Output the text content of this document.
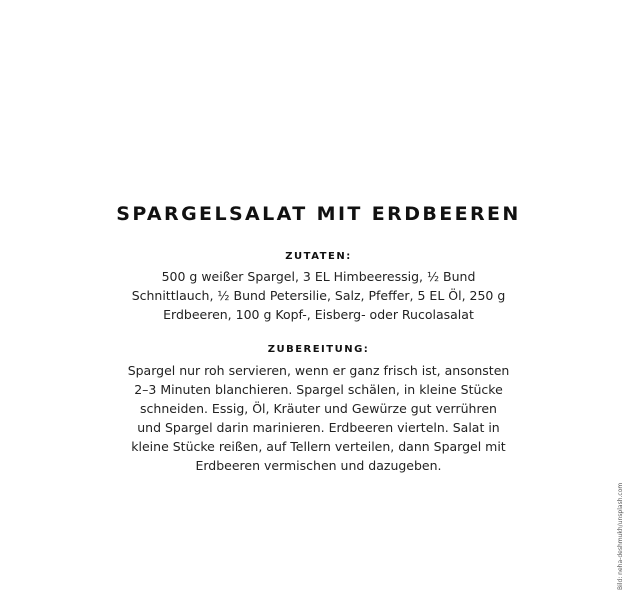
SPARGELSALAT MIT ERDBEEREN
ZUTATEN:

500 g weißer Spargel, 3 EL Himbeeressig, ½ Bund
Schnittlauch, ½ Bund Petersilie, Salz, Pfeffer, 5 EL Öl, 250 g
Erdbeeren, 100 g Kopf-, Eisberg- oder Rucolasalat

ZUBEREITUNG:

Spargel nur roh servieren, wenn er ganz frisch ist, ansonsten
2–3 Minuten blanchieren. Spargel schälen, in kleine Stücke
schneiden. Essig, Öl, Kräuter und Gewürze gut verrühren
und Spargel darin marinieren. Erdbeeren vierteln. Salat in
kleine Stücke reißen, auf Tellern verteilen, dann Spargel mit
Erdbeeren vermischen und dazugeben.

Bild: neha-deshmukh/unsplash.com
